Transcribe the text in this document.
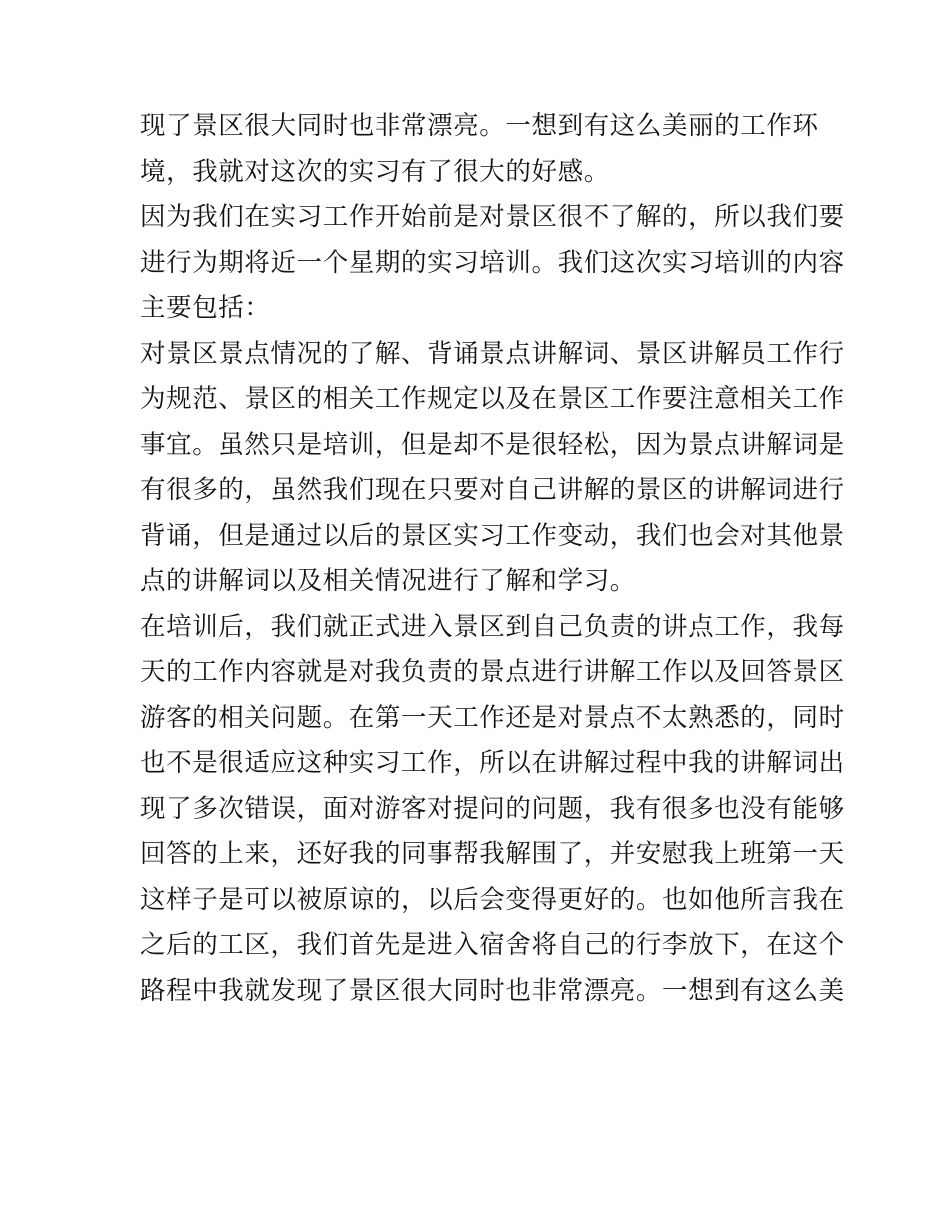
现了景区很大同时也非常漂亮。一想到有这么美丽的工作环
境，我就对这次的实习有了很大的好感。
因为我们在实习工作开始前是对景区很不了解的，所以我们要
进行为期将近一个星期的实习培训。我们这次实习培训的内容
主要包括：
对景区景点情况的了解、背诵景点讲解词、景区讲解员工作行
为规范、景区的相关工作规定以及在景区工作要注意相关工作
事宜。虽然只是培训，但是却不是很轻松，因为景点讲解词是
有很多的，虽然我们现在只要对自己讲解的景区的讲解词进行
背诵，但是通过以后的景区实习工作变动，我们也会对其他景
点的讲解词以及相关情况进行了解和学习。
在培训后，我们就正式进入景区到自己负责的讲点工作，我每
天的工作内容就是对我负责的景点进行讲解工作以及回答景区
游客的相关问题。在第一天工作还是对景点不太熟悉的，同时
也不是很适应这种实习工作，所以在讲解过程中我的讲解词出
现了多次错误，面对游客对提问的问题，我有很多也没有能够
回答的上来，还好我的同事帮我解围了，并安慰我上班第一天
这样子是可以被原谅的，以后会变得更好的。也如他所言我在
之后的工区，我们首先是进入宿舍将自己的行李放下，在这个
路程中我就发现了景区很大同时也非常漂亮。一想到有这么美
